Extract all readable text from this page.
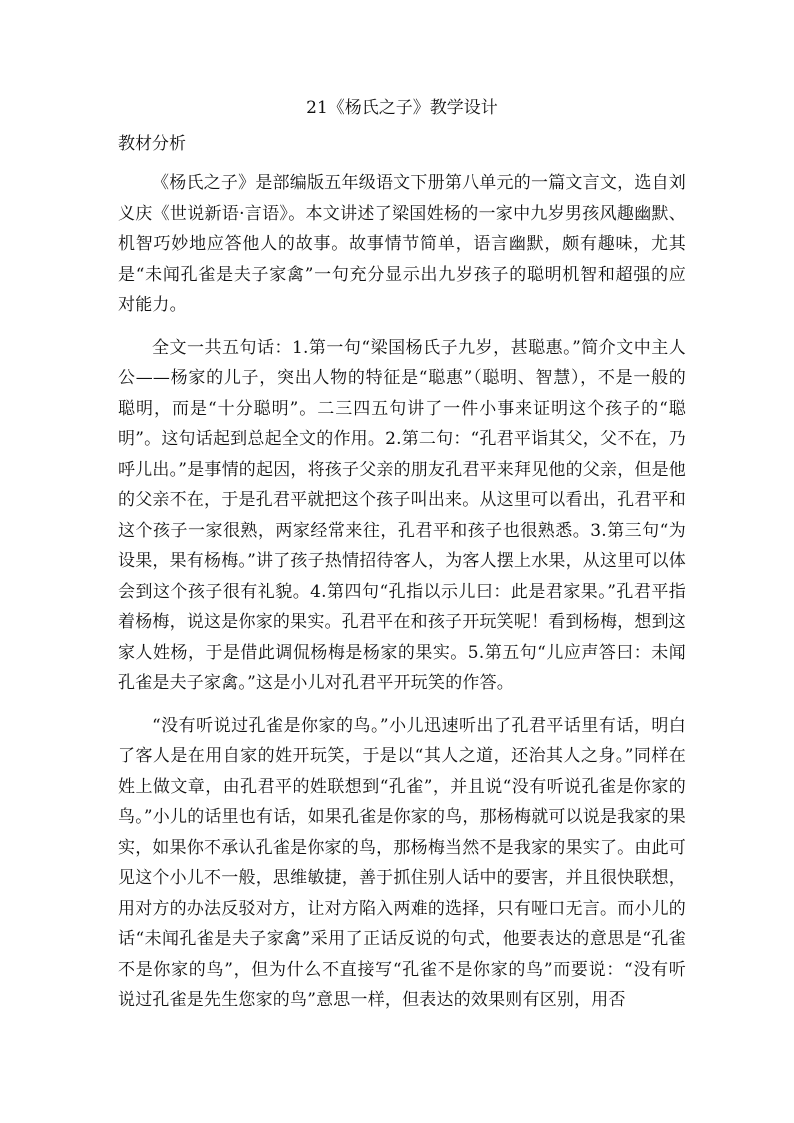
21《杨氏之子》教学设计
教材分析

《杨氏之子》是部编版五年级语文下册第八单元的一篇文言文，选自刘义庆《世说新语·言语》。本文讲述了梁国姓杨的一家中九岁男孩风趣幽默、机智巧妙地应答他人的故事。故事情节简单，语言幽默，颇有趣味，尤其是“未闻孔雀是夫子家禽”一句充分显示出九岁孩子的聪明机智和超强的应对能力。

全文一共五句话：1.第一句“梁国杨氏子九岁，甚聪惠。”简介文中主人公——杨家的儿子，突出人物的特征是“聪惠”（聪明、智慧），不是一般的聪明，而是“十分聪明”。二三四五句讲了一件小事来证明这个孩子的“聪明”。这句话起到总起全文的作用。2.第二句：“孔君平诣其父，父不在，乃呼儿出。”是事情的起因，将孩子父亲的朋友孔君平来拜见他的父亲，但是他的父亲不在，于是孔君平就把这个孩子叫出来。从这里可以看出，孔君平和这个孩子一家很熟，两家经常来往，孔君平和孩子也很熟悉。3.第三句“为设果，果有杨梅。”讲了孩子热情招待客人，为客人摆上水果，从这里可以体会到这个孩子很有礼貌。4.第四句“孔指以示儿曰：此是君家果。”孔君平指着杨梅，说这是你家的果实。孔君平在和孩子开玩笑呢！看到杨梅，想到这家人姓杨，于是借此调侃杨梅是杨家的果实。5.第五句“儿应声答曰：未闻孔雀是夫子家禽。”这是小儿对孔君平开玩笑的作答。

“没有听说过孔雀是你家的鸟。”小儿迅速听出了孔君平话里有话，明白了客人是在用自家的姓开玩笑，于是以“其人之道，还治其人之身。”同样在姓上做文章，由孔君平的姓联想到“孔雀”，并且说“没有听说孔雀是你家的鸟。”小儿的话里也有话，如果孔雀是你家的鸟，那杨梅就可以说是我家的果实，如果你不承认孔雀是你家的鸟，那杨梅当然不是我家的果实了。由此可见这个小儿不一般，思维敏捷，善于抓住别人话中的要害，并且很快联想，用对方的办法反驳对方，让对方陷入两难的选择，只有哑口无言。而小儿的话“未闻孔雀是夫子家禽”采用了正话反说的句式，他要表达的意思是“孔雀不是你家的鸟”，但为什么不直接写“孔雀不是你家的鸟”而要说：“没有听说过孔雀是先生您家的鸟”意思一样，但表达的效果则有区别，用否
